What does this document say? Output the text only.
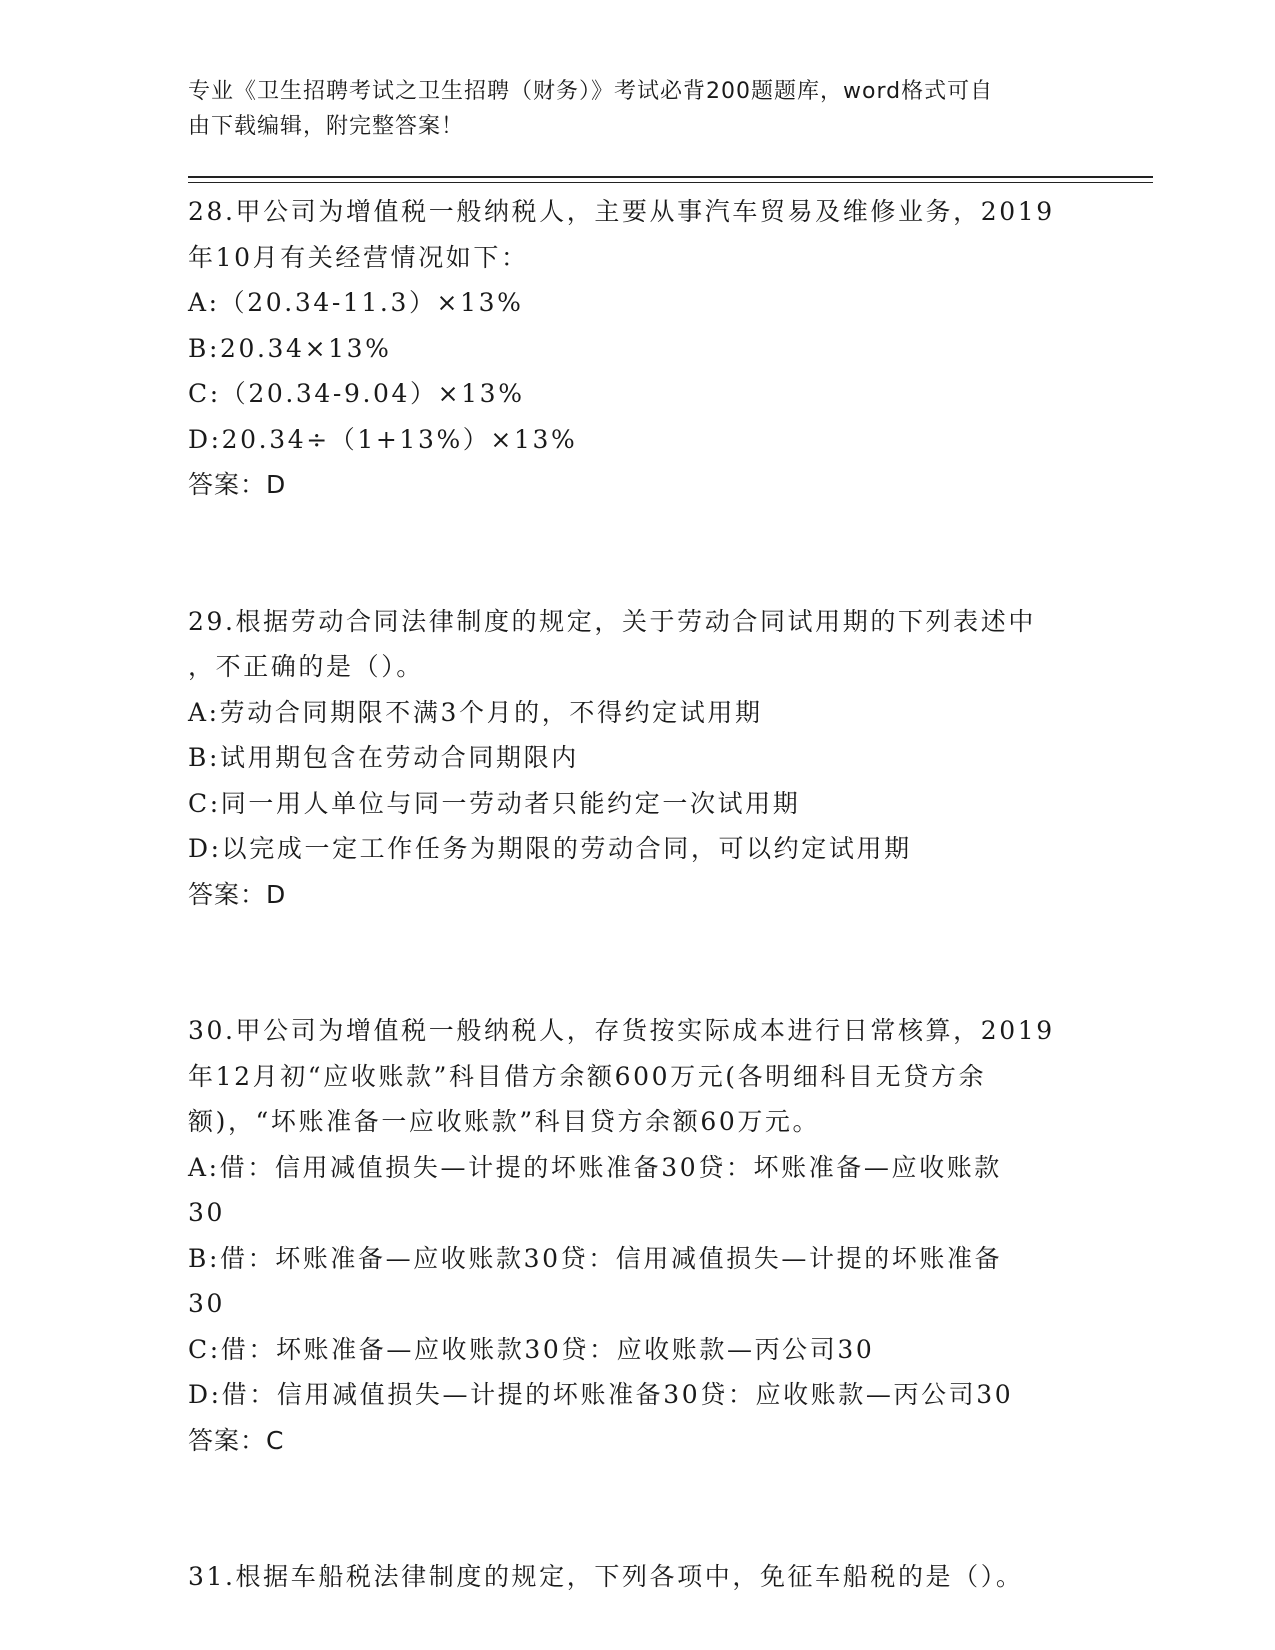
专业《卫生招聘考试之卫生招聘（财务）》考试必背200题题库，word格式可自
由下载编辑，附完整答案！
28.甲公司为增值税一般纳税人，主要从事汽车贸易及维修业务，2019
年10月有关经营情况如下：
A:（20.34-11.3）×13%
B:20.34×13%
C:（20.34-9.04）×13%
D:20.34÷（1+13%）×13%
答案：D
29.根据劳动合同法律制度的规定，关于劳动合同试用期的下列表述中
，不正确的是（）。
A:劳动合同期限不满3个月的，不得约定试用期
B:试用期包含在劳动合同期限内
C:同一用人单位与同一劳动者只能约定一次试用期
D:以完成一定工作任务为期限的劳动合同，可以约定试用期
答案：D
30.甲公司为增值税一般纳税人，存货按实际成本进行日常核算，2019
年12月初“应收账款”科目借方余额600万元(各明细科目无贷方余
额)，“坏账准备一应收账款”科目贷方余额60万元。
A:借：信用减值损失—计提的坏账准备30贷：坏账准备—应收账款
30
B:借：坏账准备—应收账款30贷：信用减值损失—计提的坏账准备
30
C:借：坏账准备—应收账款30贷：应收账款—丙公司30
D:借：信用减值损失—计提的坏账准备30贷：应收账款—丙公司30
答案：C
31.根据车船税法律制度的规定，下列各项中，免征车船税的是（）。
